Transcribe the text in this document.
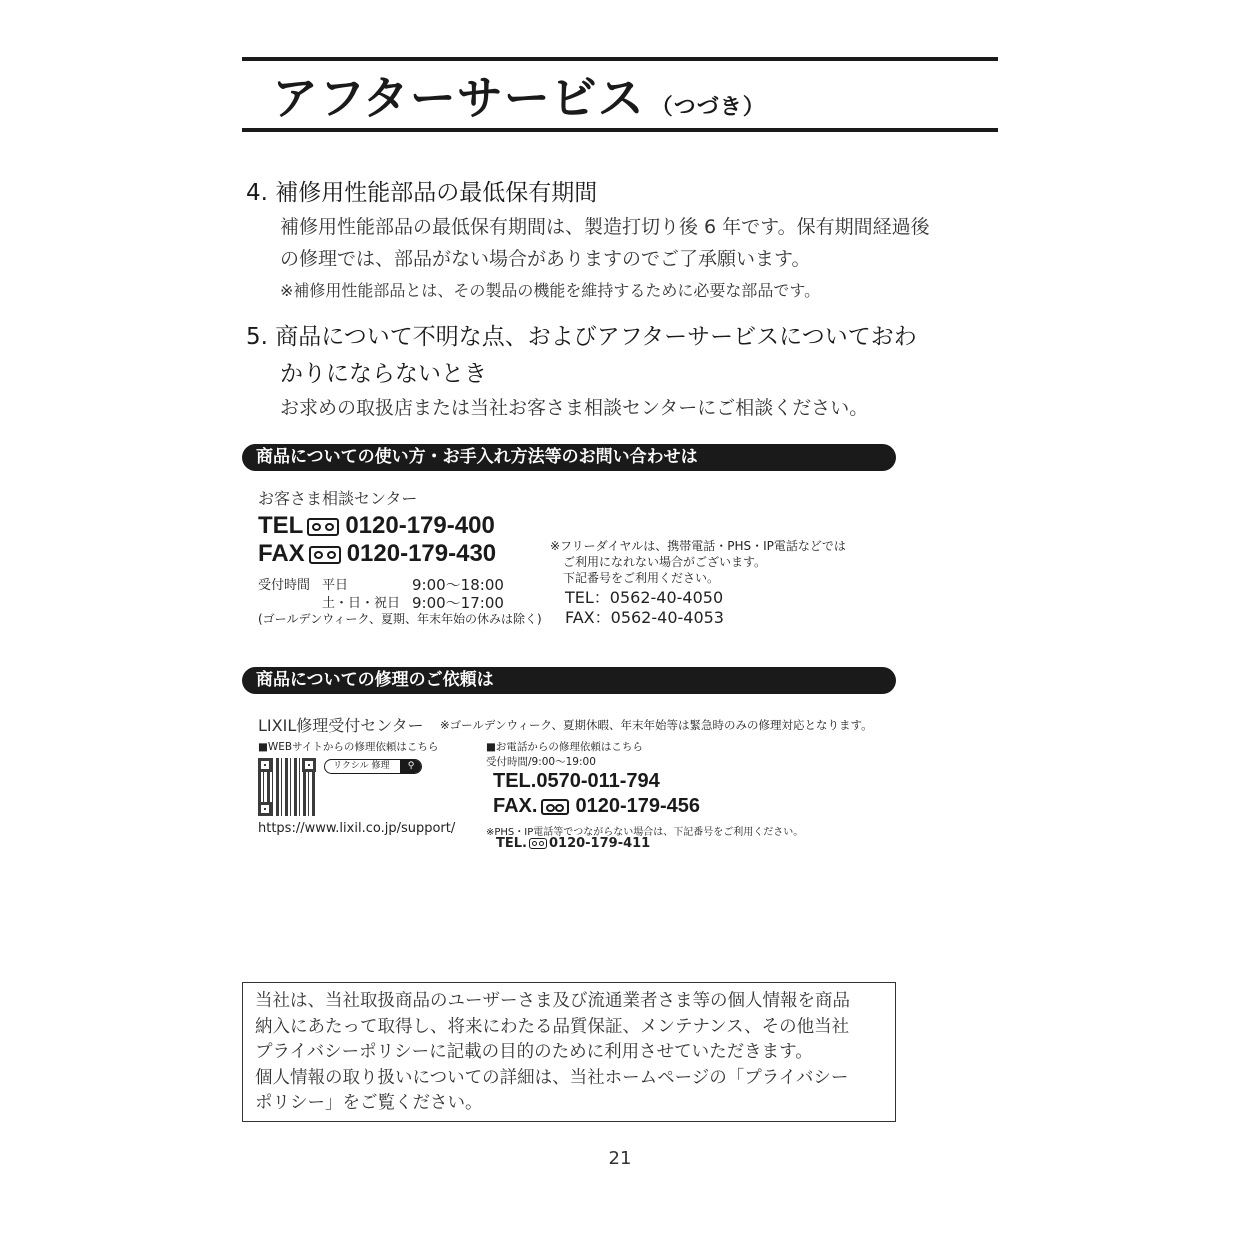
アフターサービス （つづき）
4. 補修用性能部品の最低保有期間
補修用性能部品の最低保有期間は、製造打切り後 6 年です。保有期間経過後
の修理では、部品がない場合がありますのでご了承願います。
※補修用性能部品とは、その製品の機能を維持するために必要な部品です。
5. 商品について不明な点、およびアフターサービスについておわ
かりにならないとき
お求めの取扱店または当社お客さま相談センターにご相談ください。
商品についての使い方・お手入れ方法等のお問い合わせは
お客さま相談センター
TEL 0120-179-400
FAX 0120-179-430
受付時間 平日	9:00〜18:00
土・日・祝日 9:00〜17:00
(ゴールデンウィーク、夏期、年末年始の休みは除く)
※フリーダイヤルは、携帯電話・PHS・IP電話などでは
ご利用になれない場合がございます。
下記番号をご利用ください。
TEL：0562-40-4050
FAX：0562-40-4053
商品についての修理のご依頼は
LIXIL修理受付センター ※ゴールデンウィーク、夏期休暇、年末年始等は緊急時のみの修理対応となります。
■WEBサイトからの修理依頼はこちら
リクシル 修理	⚲
https://www.lixil.co.jp/support/
■お電話からの修理依頼はこちら
受付時間/9:00〜19:00
TEL.0570-011-794
FAX. 0120-179-456
※PHS・IP電話等でつながらない場合は、下記番号をご利用ください。
TEL. 0120-179-411
当社は、当社取扱商品のユーザーさま及び流通業者さま等の個人情報を商品
納入にあたって取得し、将来にわたる品質保証、メンテナンス、その他当社
プライバシーポリシーに記載の目的のために利用させていただきます。
個人情報の取り扱いについての詳細は、当社ホームページの「プライバシー
ポリシー」をご覧ください。
21
